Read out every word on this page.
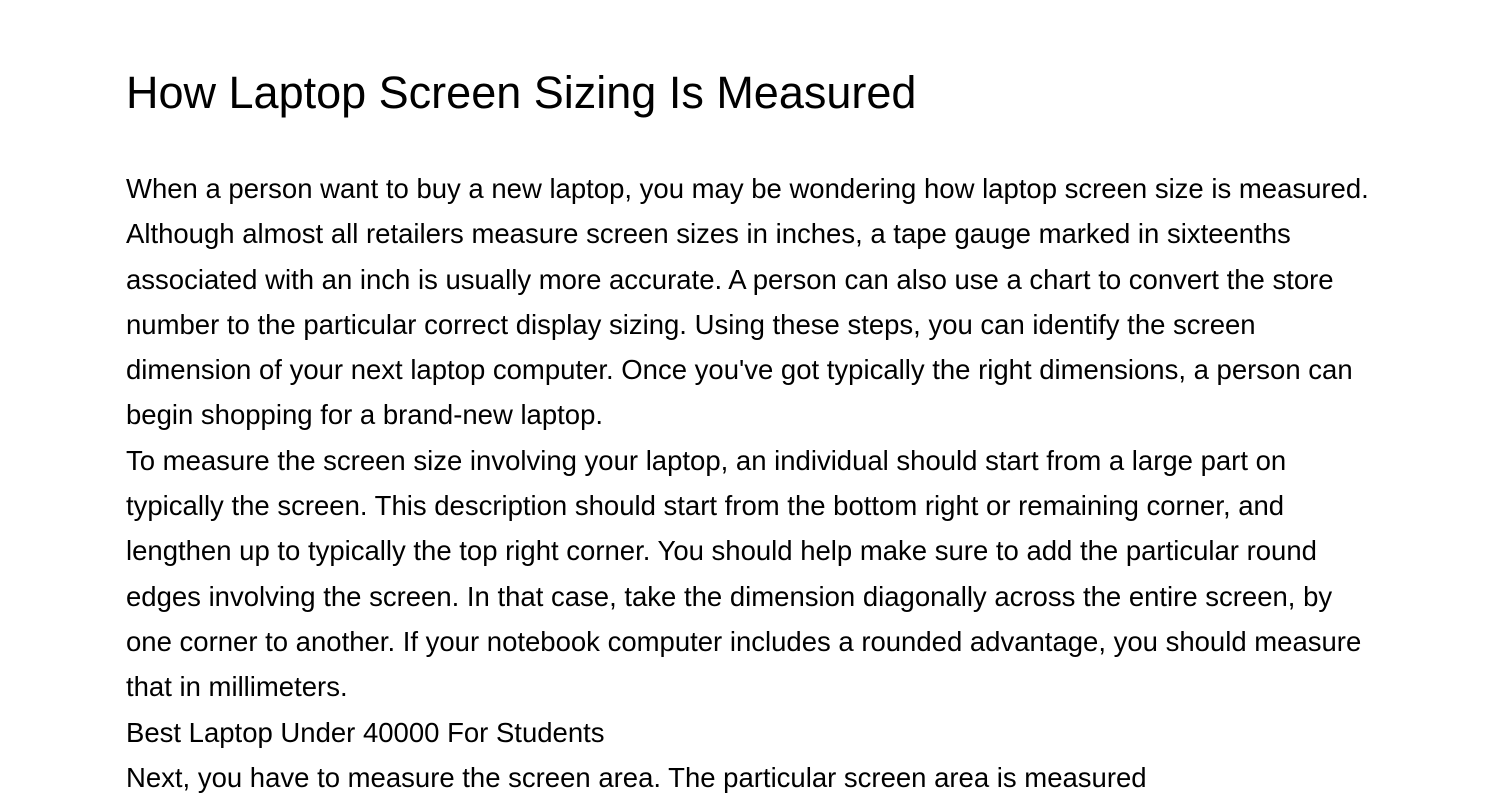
How Laptop Screen Sizing Is Measured

When a person want to buy a new laptop, you may be wondering how laptop screen size is measured. Although almost all retailers measure screen sizes in inches, a tape gauge marked in sixteenths associated with an inch is usually more accurate. A person can also use a chart to convert the store number to the particular correct display sizing. Using these steps, you can identify the screen dimension of your next laptop computer. Once you've got typically the right dimensions, a person can begin shopping for a brand-new laptop.

To measure the screen size involving your laptop, an individual should start from a large part on typically the screen. This description should start from the bottom right or remaining corner, and lengthen up to typically the top right corner. You should help make sure to add the particular round edges involving the screen. In that case, take the dimension diagonally across the entire screen, by one corner to another. If your notebook computer includes a rounded advantage, you should measure that in millimeters.

Best Laptop Under 40000 For Students

Next, you have to measure the screen area. The particular screen area is measured
